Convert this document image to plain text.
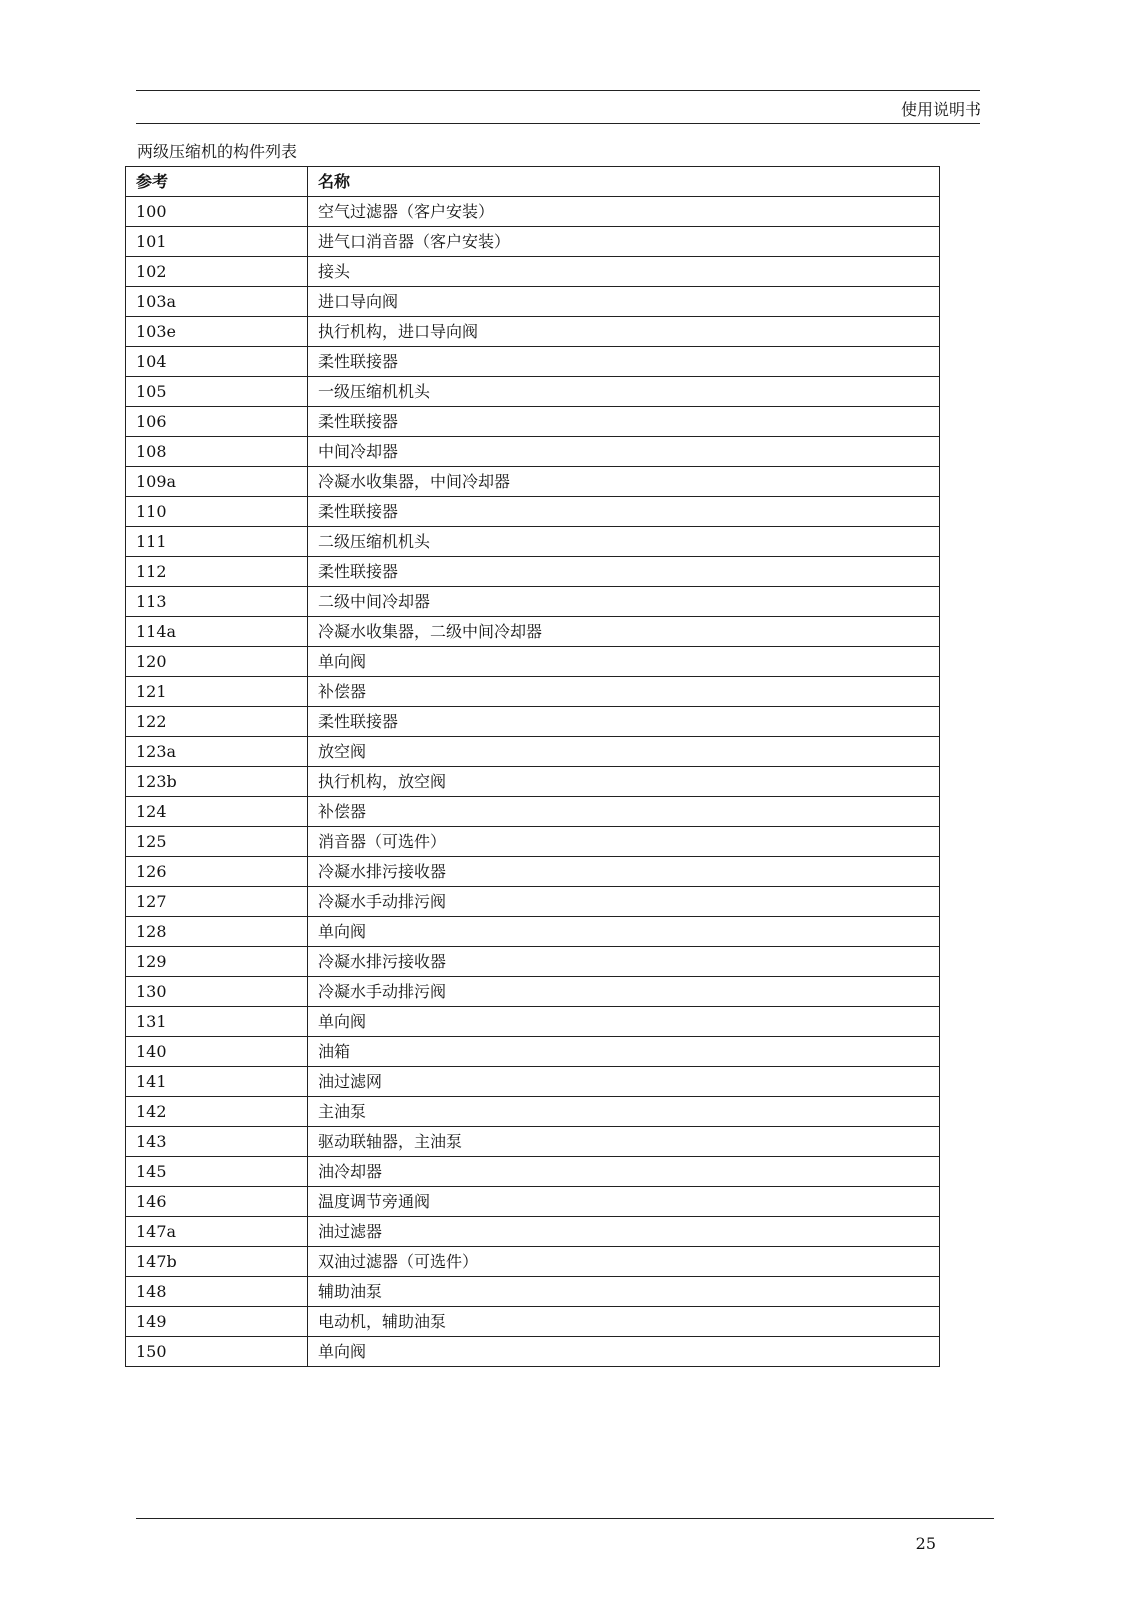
使用说明书
两级压缩机的构件列表
参考	名称
100	空气过滤器（客户安装）
101	进气口消音器（客户安装）
102	接头
103a	进口导向阀
103e	执行机构，进口导向阀
104	柔性联接器
105	一级压缩机机头
106	柔性联接器
108	中间冷却器
109a	冷凝水收集器，中间冷却器
110	柔性联接器
111	二级压缩机机头
112	柔性联接器
113	二级中间冷却器
114a	冷凝水收集器，二级中间冷却器
120	单向阀
121	补偿器
122	柔性联接器
123a	放空阀
123b	执行机构，放空阀
124	补偿器
125	消音器（可选件）
126	冷凝水排污接收器
127	冷凝水手动排污阀
128	单向阀
129	冷凝水排污接收器
130	冷凝水手动排污阀
131	单向阀
140	油箱
141	油过滤网
142	主油泵
143	驱动联轴器，主油泵
145	油冷却器
146	温度调节旁通阀
147a	油过滤器
147b	双油过滤器（可选件）
148	辅助油泵
149	电动机，辅助油泵
150	单向阀
25
